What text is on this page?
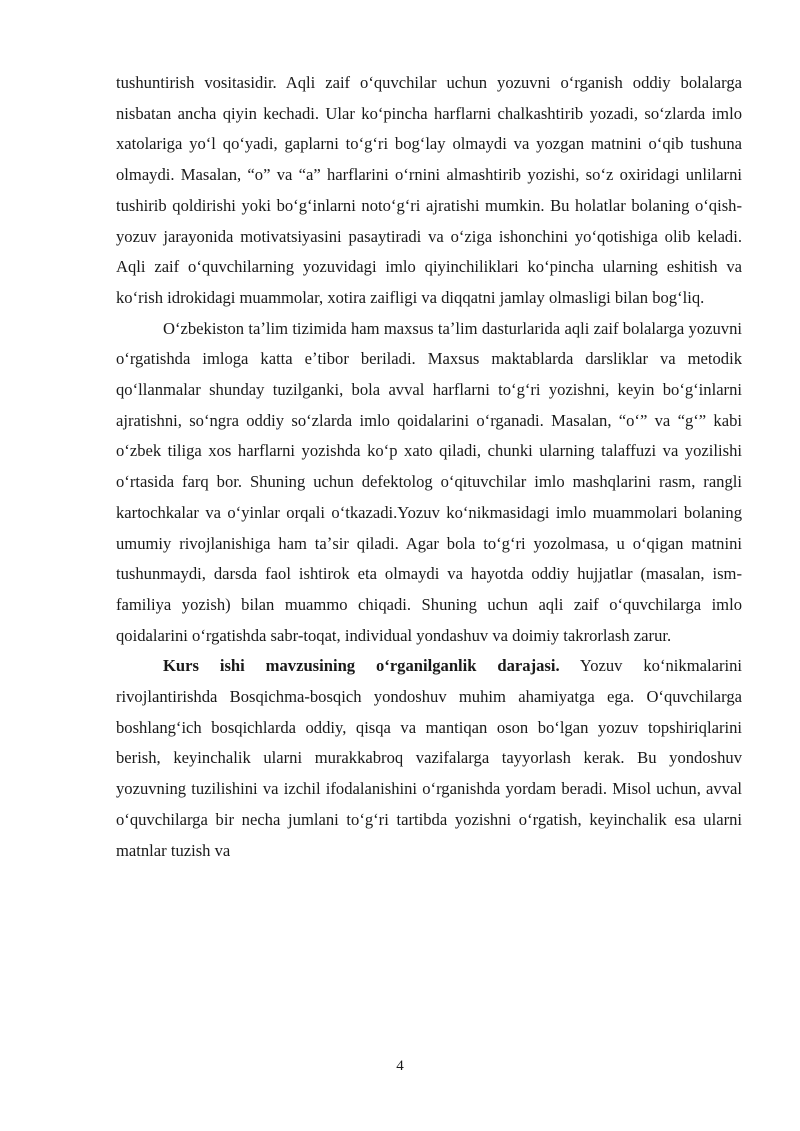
tushuntirish vositasidir. Aqli zaif oʻquvchilar uchun yozuvni oʻrganish oddiy bolalarga nisbatan ancha qiyin kechadi. Ular koʻpincha harflarni chalkashtirib yozadi, soʻzlarda imlo xatolariga yoʻl qoʻyadi, gaplarni toʻgʻri bogʻlay olmaydi va yozgan matnini oʻqib tushuna olmaydi. Masalan, “o” va “a” harflarini oʻrnini almashtirib yozishi, soʻz oxiridagi unlilarni tushirib qoldirishi yoki boʻgʻinlarni notoʻgʻri ajratishi mumkin. Bu holatlar bolaning oʻqish-yozuv jarayonida motivatsiyasini pasaytiradi va oʻziga ishonchini yoʻqotishiga olib keladi. Aqli zaif oʻquvchilarning yozuvidagi imlo qiyinchiliklari koʻpincha ularning eshitish va koʻrish idrokidagi muammolar, xotira zaifligi va diqqatni jamlay olmasligi bilan bogʻliq.

Oʻzbekiston taʼlim tizimida ham maxsus taʼlim dasturlarida aqli zaif bolalarga yozuvni oʻrgatishda imloga katta eʼtibor beriladi. Maxsus maktablarda darsliklar va metodik qoʻllanmalar shunday tuzilganki, bola avval harflarni toʻgʻri yozishni, keyin boʻgʻinlarni ajratishni, soʻngra oddiy soʻzlarda imlo qoidalarini oʻrganadi. Masalan, “oʻ” va “gʻ” kabi oʻzbek tiliga xos harflarni yozishda koʻp xato qiladi, chunki ularning talaffuzi va yozilishi oʻrtasida farq bor. Shuning uchun defektolog oʻqituvchilar imlo mashqlarini rasm, rangli kartochkalar va oʻyinlar orqali oʻtkazadi.Yozuv koʻnikmasidagi imlo muammolari bolaning umumiy rivojlanishiga ham taʼsir qiladi. Agar bola toʻgʻri yozolmasa, u oʻqigan matnini tushunmaydi, darsda faol ishtirok eta olmaydi va hayotda oddiy hujjatlar (masalan, ism-familiya yozish) bilan muammo chiqadi. Shuning uchun aqli zaif oʻquvchilarga imlo qoidalarini oʻrgatishda sabr-toqat, individual yondashuv va doimiy takrorlash zarur.

Kurs ishi mavzusining oʻrganilganlik darajasi. Yozuv koʻnikmalarini rivojlantirishda Bosqichma-bosqich yondoshuv muhim ahamiyatga ega. Oʻquvchilarga boshlangʻich bosqichlarda oddiy, qisqa va mantiqan oson boʻlgan yozuv topshiriqlarini berish, keyinchalik ularni murakkabroq vazifalarga tayyorlash kerak. Bu yondoshuv yozuvning tuzilishini va izchil ifodalanishini oʻrganishda yordam beradi. Misol uchun, avval oʻquvchilarga bir necha jumlani toʻgʻri tartibda yozishni oʻrgatish, keyinchalik esa ularni matnlar tuzish va

4
